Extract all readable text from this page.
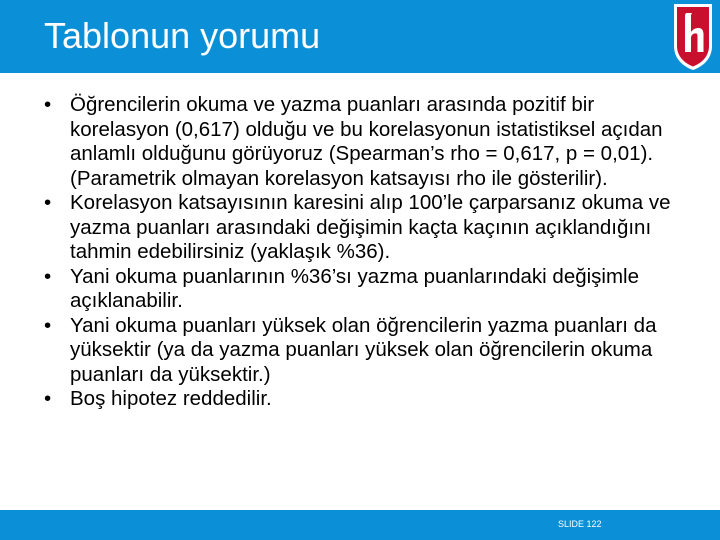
Tablonun yorumu
• Öğrencilerin okuma ve yazma puanları arasında pozitif bir korelasyon (0,617) olduğu ve bu korelasyonun istatistiksel açıdan anlamlı olduğunu görüyoruz (Spearman’s rho = 0,617, p = 0,01). (Parametrik olmayan korelasyon katsayısı rho ile gösterilir).
• Korelasyon katsayısının karesini alıp 100’le çarparsanız okuma ve yazma puanları arasındaki değişimin kaçta kaçının açıklandığını tahmin edebilirsiniz (yaklaşık %36).
• Yani okuma puanlarının %36’sı yazma puanlarındaki değişimle açıklanabilir.
• Yani okuma puanları yüksek olan öğrencilerin yazma puanları da yüksektir (ya da yazma puanları yüksek olan öğrencilerin okuma puanları da yüksektir.)
• Boş hipotez reddedilir.
SLIDE 122
